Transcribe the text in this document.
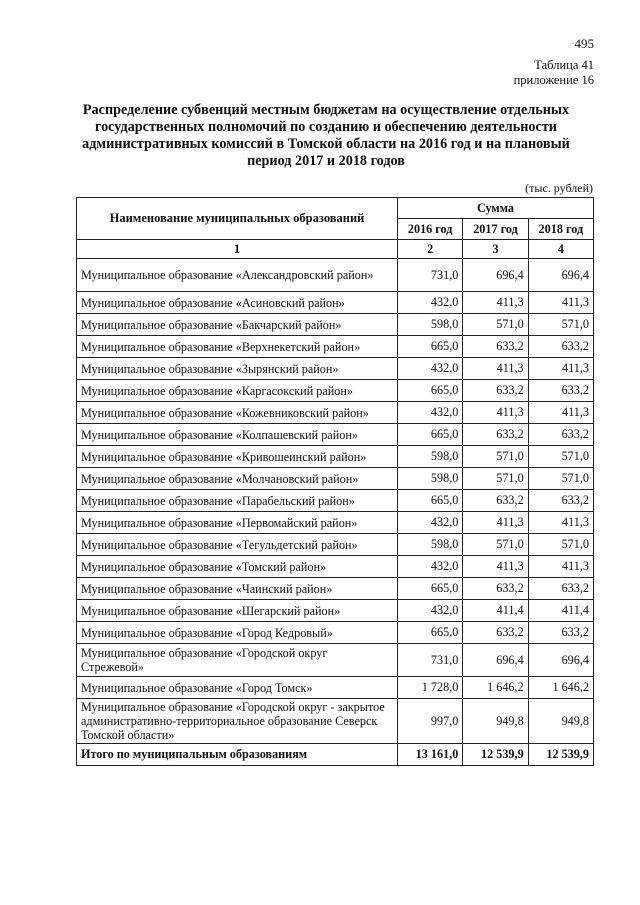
495
Таблица 41
приложение 16
Распределение субвенций местным бюджетам на осуществление отдельных государственных полномочий по созданию и обеспечению деятельности административных комиссий в Томской области на 2016 год и на плановый период 2017 и 2018 годов
(тыс. рублей)
Наименование муниципальных образований	Сумма		
	2016 год	2017 год	2018 год
1	2	3	4
Муниципальное образование «Александровский район»	731,0	696,4	696,4
Муниципальное образование «Асиновский район»	432,0	411,3	411,3
Муниципальное образование «Бакчарский район»	598,0	571,0	571,0
Муниципальное образование «Верхнекетский район»	665,0	633,2	633,2
Муниципальное образование «Зырянский район»	432,0	411,3	411,3
Муниципальное образование «Каргасокский район»	665,0	633,2	633,2
Муниципальное образование «Кожевниковский район»	432,0	411,3	411,3
Муниципальное образование «Колпашевский район»	665,0	633,2	633,2
Муниципальное образование «Кривошеинский район»	598,0	571,0	571,0
Муниципальное образование «Молчановский район»	598,0	571,0	571,0
Муниципальное образование «Парабельский район»	665,0	633,2	633,2
Муниципальное образование «Первомайский район»	432,0	411,3	411,3
Муниципальное образование «Тегульдетский район»	598,0	571,0	571,0
Муниципальное образование «Томский район»	432,0	411,3	411,3
Муниципальное образование «Чаинский район»	665,0	633,2	633,2
Муниципальное образование «Шегарский район»	432,0	411,4	411,4
Муниципальное образование «Город Кедровый»	665,0	633,2	633,2
Муниципальное образование «Городской округ Стрежевой»	731,0	696,4	696,4
Муниципальное образование «Город Томск»	1 728,0	1 646,2	1 646,2
Муниципальное образование «Городской округ - закрытое административно-территориальное образование Северск Томской области»	997,0	949,8	949,8
Итого по муниципальным образованиям	13 161,0	12 539,9	12 539,9
